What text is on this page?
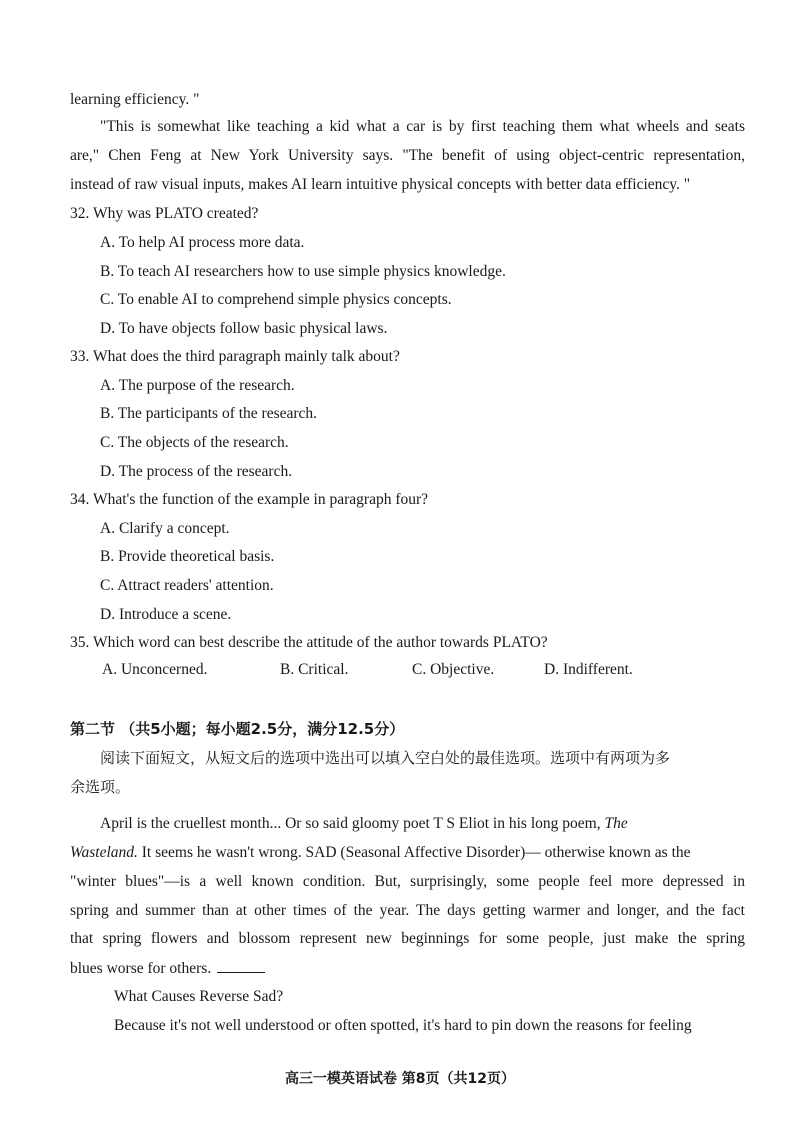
learning efficiency. "
"This is somewhat like teaching a kid what a car is by first teaching them what wheels and seats
are," Chen Feng at New York University says. "The benefit of using object-centric representation,
instead of raw visual inputs, makes AI learn intuitive physical concepts with better data efficiency. "
32. Why was PLATO created?
A. To help AI process more data.
B. To teach AI researchers how to use simple physics knowledge.
C. To enable AI to comprehend simple physics concepts.
D. To have objects follow basic physical laws.
33. What does the third paragraph mainly talk about?
A. The purpose of the research.
B. The participants of the research.
C. The objects of the research.
D. The process of the research.
34. What's the function of the example in paragraph four?
A. Clarify a concept.
B. Provide theoretical basis.
C. Attract readers' attention.
D. Introduce a scene.
35. Which word can best describe the attitude of the author towards PLATO?
A. Unconcerned.	B. Critical.	C. Objective.	D. Indifferent.
第二节 （共5小题；每小题2.5分，满分12.5分）
阅读下面短文，从短文后的选项中选出可以填入空白处的最佳选项。选项中有两项为多
余选项。
April is the cruellest month... Or so said gloomy poet T S Eliot in his long poem, The
Wasteland. It seems he wasn't wrong. SAD (Seasonal Affective Disorder)— otherwise known as the
"winter blues"—is a well known condition. But, surprisingly, some people feel more depressed in
spring and summer than at other times of the year. The days getting warmer and longer, and the fact
that spring flowers and blossom represent new beginnings for some people, just make the spring
blues worse for others.
What Causes Reverse Sad?
Because it's not well understood or often spotted, it's hard to pin down the reasons for feeling
高三一模英语试卷 第8页（共12页）
